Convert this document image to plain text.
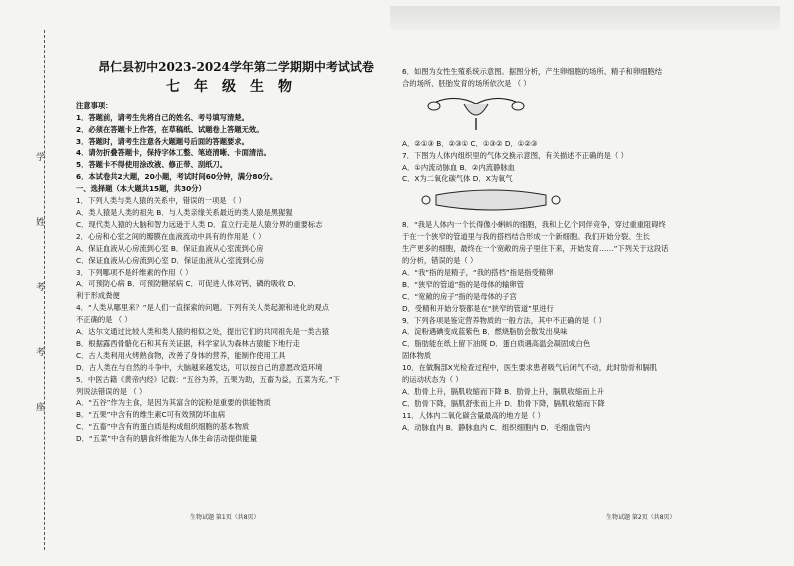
学
姓
考
考
座
昂仁县初中2023-2024学年第二学期期中考试试卷
七年级生物
注意事项：
1．答题前，请考生先将自己的姓名、考号填写清楚。
2．必须在答题卡上作答，在草稿纸、试题卷上答题无效。
3．答题时，请考生注意各大题题号后面的答题要求。
4．请勿折叠答题卡，保持字体工整、笔迹清晰、卡面清洁。
5．答题卡不得使用涂改液、修正带、刮纸刀。
6．本试卷共2大题，20小题，考试时间60分钟，满分80分。
一、选择题（本大题共15题，共30分）
1．下列人类与类人猿的关系中，错误的一项是 （ ）
A．类人猿是人类的祖先 B．与人类亲缘关系最近的类人猿是黑猩猩
C．现代类人猿的大脑和智力远逊于人类 D．直立行走是人猿分界的重要标志
2．心房和心室之间的瓣膜在血液流动中具有的作用是（ ）
A．保证血液从心房流到心室 B．保证血液从心室流到心房
C．保证血液从心房流到心室 D．保证血液从心室流到心房
3．下列哪项不是纤维素的作用（ ）
A．可预防心病 B．可预防糖尿病 C．可促进人体对钙、磷的吸收 D．
利于形成粪便
4．“人类从哪里来？”是人们一直探索的问题。下列有关人类起源和进化的观点
不正确的是 （ ）
A．达尔文通过比较人类和类人猿的相似之处，提出它们的共同祖先是一类古猿
B．根据露西骨骼化石和其有关证据，科学家认为森林古猿能下地行走
C．古人类利用火烤熟食物，改善了身体的营养，能制作使用工具
D．古人类在与自然的斗争中，大脑越来越发达，可以按自己的意愿改造环境
5．中医古籍《黄帝内经》记载：“五谷为养，五果为助，五畜为益，五菜为充。”下
列说法错误的是 （ ）
A．“五谷”作为主食，是因为其富含的淀粉是重要的供能物质
B．“五果”中含有的维生素C可有效预防坏血病
C．“五畜”中含有的蛋白质是构成组织细胞的基本物质
D．“五菜”中含有的膳食纤维能为人体生命活动提供能量
生物试题 第1页（共8页）
6．如图为女性生殖系统示意图。据图分析，产生卵细胞的场所、精子和卵细胞结
合的场所、胚胎发育的场所依次是 （ ）
A．②①③ B．②③① C．①③② D．①②③
7．下图为人体内组织里的气体交换示意图，有关描述不正确的是（ ）
A．①内流动脉血 B．②内流静脉血
C．X为二氧化碳气体 D．X为氧气
8．“我是人体内一个长得像小蝌蚪的细胞，我和上亿个同伴竞争，穿过重重阻碍终
于在一个狭窄的管道里与我的搭档结合形成一个新细胞。我们开始分裂、生长
生产更多的细胞，最终在一个宽敞的房子里住下来，开始发育……”下列关于这段话
的分析，错误的是（ ）
A．“我”指的是精子，“我的搭档”指是指受精卵
B．“狭窄的管道”指的是母体的输卵管
C．“宽敞的房子”指的是母体的子宫
D．受精和开始分裂都是在“狭窄的管道”里进行
9．下列各项是鉴定营养物质的一般方法，其中不正确的是（ ）
A．淀粉遇碘变成蓝紫色 B．燃烧脂肪会散发出臭味
C．脂肪能在纸上留下油斑 D．蛋白质遇高温会凝固成白色
固体物质
10．在做胸部X光检查过程中，医生要求患者吸气后闭气不动，此时肋骨和膈肌
的运动状态为（ ）
A．肋骨上升，膈肌收缩而下降 B．肋骨上升，膈肌收缩而上升
C．肋骨下降，膈肌舒张而上升 D．肋骨下降，膈肌收缩而下降
11．人体内二氧化碳含量最高的地方是（ ）
A．动脉血内 B．静脉血内 C．组织细胞内 D．毛细血管内
生物试题 第2页（共8页）
